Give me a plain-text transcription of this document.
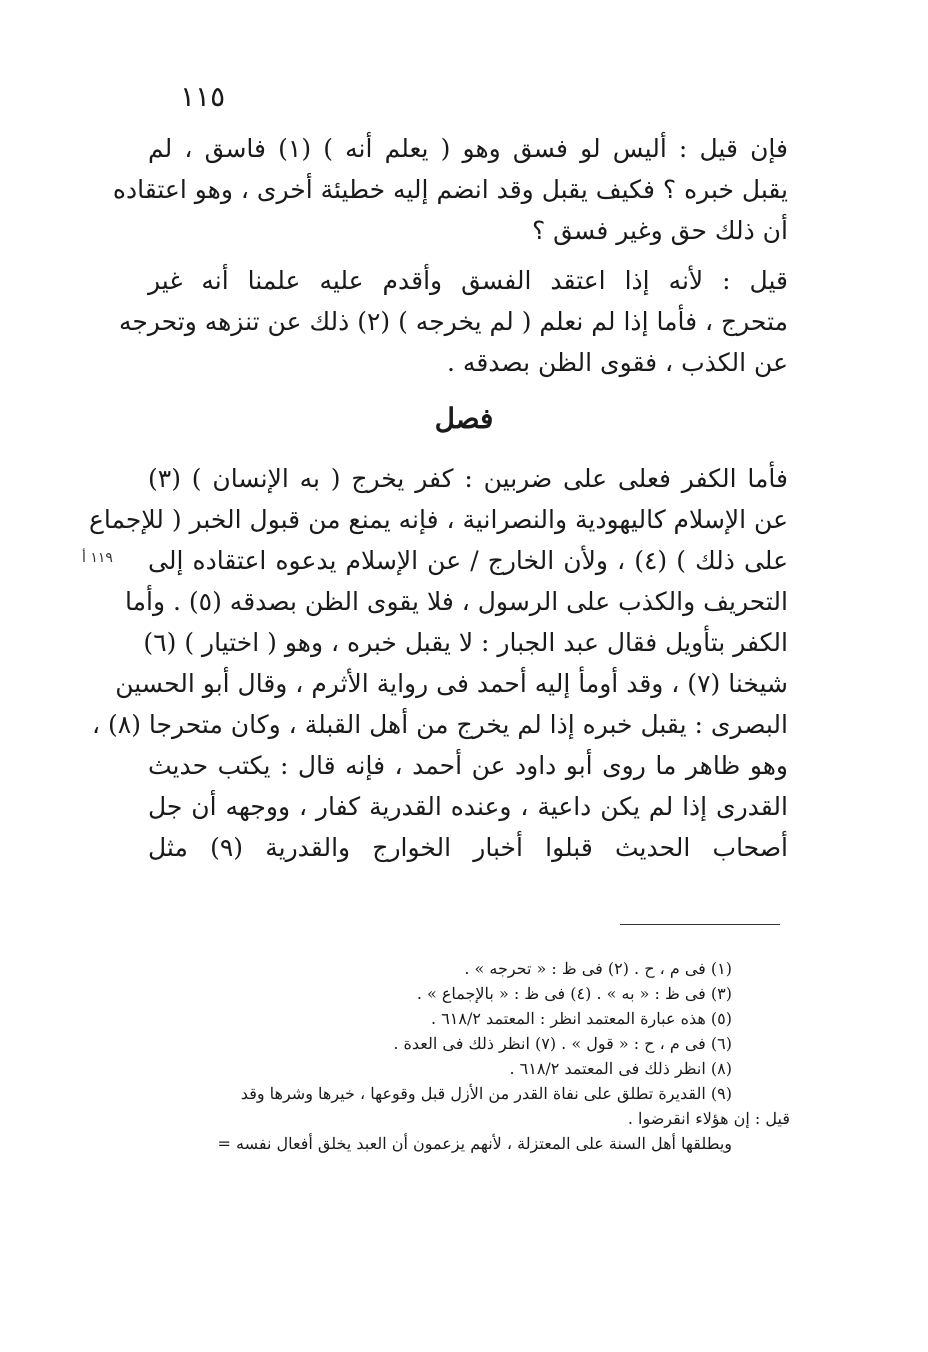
١١٥
فإن قيل : أليس لو فسق وهو ( يعلم أنه ) (١) فاسق ، لم
يقبل خبره ؟ فكيف يقبل وقد انضم إليه خطيئة أخرى ، وهو اعتقاده
أن ذلك حق وغير فسق ؟
قيل : لأنه إذا اعتقد الفسق وأقدم عليه علمنا أنه غير
متحرج ، فأما إذا لم نعلم ( لم يخرجه ) (٢) ذلك عن تنزهه وتحرجه
عن الكذب ، فقوى الظن بصدقه .
فصل
فأما الكفر فعلى على ضربين : كفر يخرج ( به الإنسان ) (٣)
عن الإسلام كاليهودية والنصرانية ، فإنه يمنع من قبول الخبر ( للإجماع
على ذلك ) (٤) ، ولأن الخارج / عن الإسلام يدعوه اعتقاده إلى
التحريف والكذب على الرسول ، فلا يقوى الظن بصدقه (٥) . وأما
الكفر بتأويل فقال عبد الجبار : لا يقبل خبره ، وهو ( اختيار ) (٦)
شيخنا (٧) ، وقد أومأ إليه أحمد فى رواية الأثرم ، وقال أبو الحسين
البصرى : يقبل خبره إذا لم يخرج من أهل القبلة ، وكان متحرجا (٨) ،
وهو ظاهر ما روى أبو داود عن أحمد ، فإنه قال : يكتب حديث
القدرى إذا لم يكن داعية ، وعنده القدرية كفار ، ووجهه أن جل
أصحاب الحديث قبلوا أخبار الخوارج والقدرية (٩) مثل
١١٩ أ
(١) فى م ، ح . (٢) فى ظ : « تحرجه » .
(٣) فى ظ : « به » . (٤) فى ظ : « بالإجماع » .
(٥) هذه عبارة المعتمد انظر : المعتمد ٦١٨/٢ .
(٦) فى م ، ح : « قول » . (٧) انظر ذلك فى العدة .
(٨) انظر ذلك فى المعتمد ٦١٨/٢ .
(٩) القديرة تطلق على نفاة القدر من الأزل قبل وقوعها ، خيرها وشرها وقد
قيل : إن هؤلاء انقرضوا .
ويطلقها أهل السنة على المعتزلة ، لأنهم يزعمون أن العبد يخلق أفعال نفسه =
